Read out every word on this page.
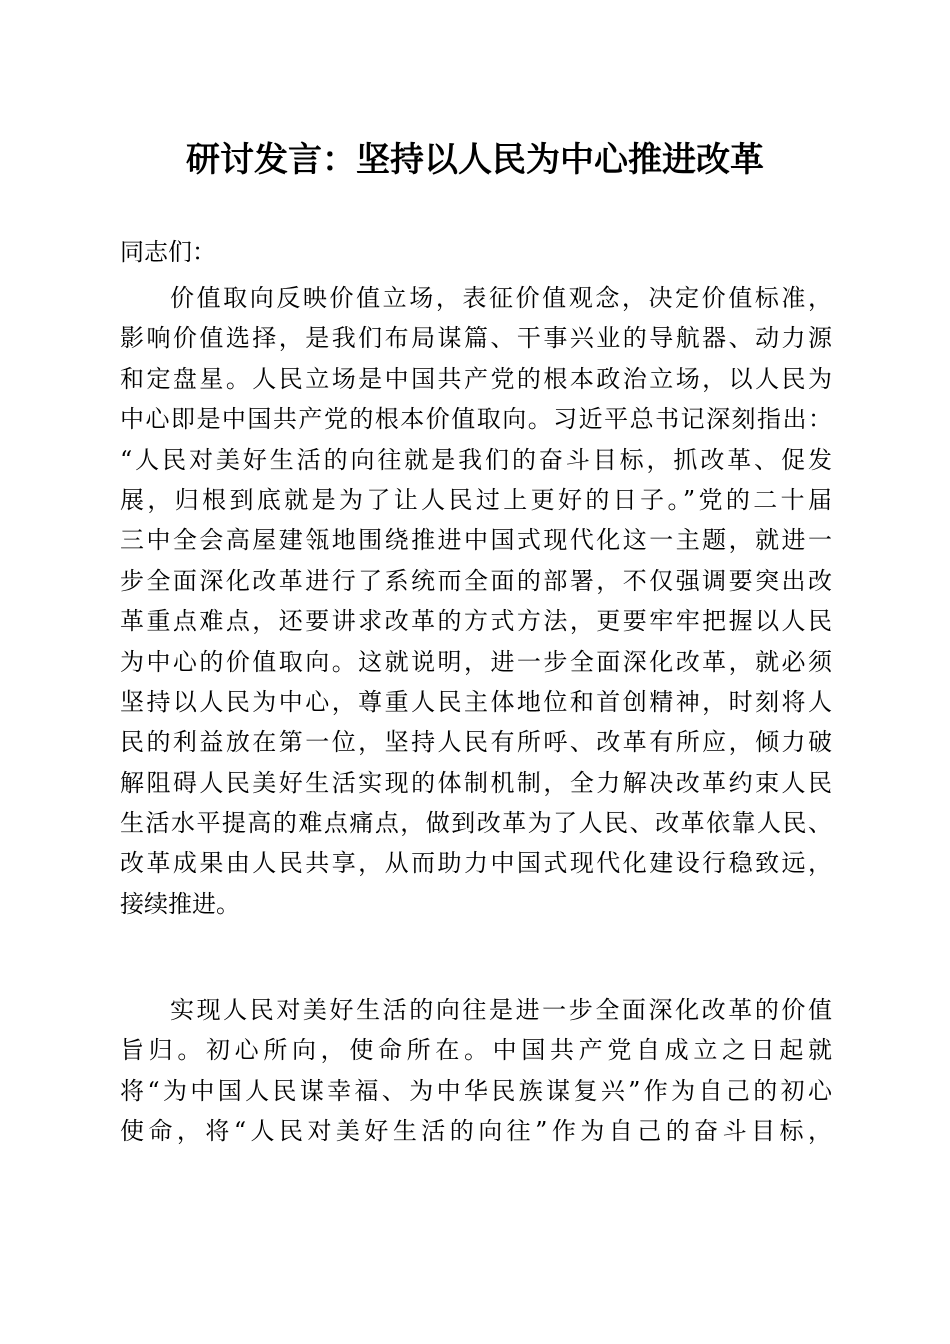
研讨发言：坚持以人民为中心推进改革
同志们：
价值取向反映价值立场，表征价值观念，决定价值标准，
影响价值选择，是我们布局谋篇、干事兴业的导航器、动力源
和定盘星。人民立场是中国共产党的根本政治立场，以人民为
中心即是中国共产党的根本价值取向。习近平总书记深刻指出：
“人民对美好生活的向往就是我们的奋斗目标，抓改革、促发
展，归根到底就是为了让人民过上更好的日子。”党的二十届
三中全会高屋建瓴地围绕推进中国式现代化这一主题，就进一
步全面深化改革进行了系统而全面的部署，不仅强调要突出改
革重点难点，还要讲求改革的方式方法，更要牢牢把握以人民
为中心的价值取向。这就说明，进一步全面深化改革，就必须
坚持以人民为中心，尊重人民主体地位和首创精神，时刻将人
民的利益放在第一位，坚持人民有所呼、改革有所应，倾力破
解阻碍人民美好生活实现的体制机制，全力解决改革约束人民
生活水平提高的难点痛点，做到改革为了人民、改革依靠人民、
改革成果由人民共享，从而助力中国式现代化建设行稳致远，
接续推进。
实现人民对美好生活的向往是进一步全面深化改革的价值
旨归。初心所向，使命所在。中国共产党自成立之日起就
将“为中国人民谋幸福、为中华民族谋复兴”作为自己的初心
使命，将“人民对美好生活的向往”作为自己的奋斗目标，
